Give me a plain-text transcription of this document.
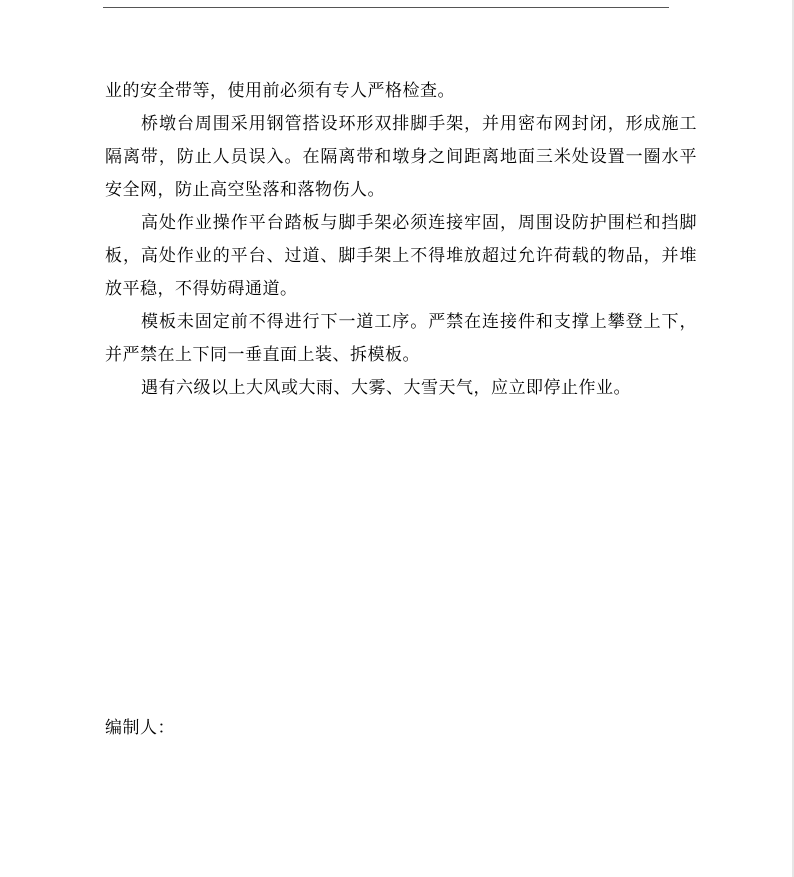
业的安全带等，使用前必须有专人严格检查。

桥墩台周围采用钢管搭设环形双排脚手架，并用密布网封闭，形成施工隔离带，防止人员误入。在隔离带和墩身之间距离地面三米处设置一圈水平安全网，防止高空坠落和落物伤人。

高处作业操作平台踏板与脚手架必须连接牢固，周围设防护围栏和挡脚板，高处作业的平台、过道、脚手架上不得堆放超过允许荷载的物品，并堆放平稳，不得妨碍通道。

模板未固定前不得进行下一道工序。严禁在连接件和支撑上攀登上下，并严禁在上下同一垂直面上装、拆模板。

遇有六级以上大风或大雨、大雾、大雪天气，应立即停止作业。

编制人：
